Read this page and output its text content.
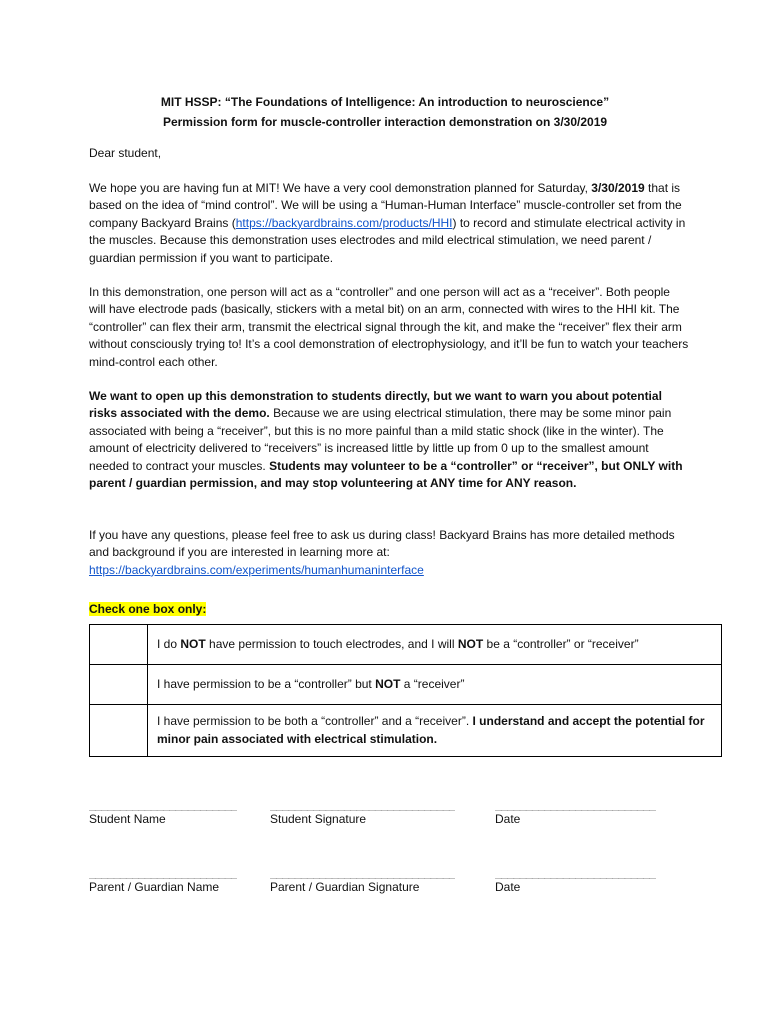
MIT HSSP: “The Foundations of Intelligence: An introduction to neuroscience”
Permission form for muscle-controller interaction demonstration on 3/30/2019

Dear student,

We hope you are having fun at MIT! We have a very cool demonstration planned for Saturday, 3/30/2019 that is based on the idea of “mind control”. We will be using a “Human-Human Interface” muscle-controller set from the company Backyard Brains (https://backyardbrains.com/products/HHI) to record and stimulate electrical activity in the muscles. Because this demonstration uses electrodes and mild electrical stimulation, we need parent / guardian permission if you want to participate.

In this demonstration, one person will act as a “controller” and one person will act as a “receiver”. Both people will have electrode pads (basically, stickers with a metal bit) on an arm, connected with wires to the HHI kit. The “controller” can flex their arm, transmit the electrical signal through the kit, and make the “receiver” flex their arm without consciously trying to! It’s a cool demonstration of electrophysiology, and it’ll be fun to watch your teachers mind-control each other.

We want to open up this demonstration to students directly, but we want to warn you about potential risks associated with the demo. Because we are using electrical stimulation, there may be some minor pain associated with being a “receiver”, but this is no more painful than a mild static shock (like in the winter). The amount of electricity delivered to “receivers” is increased little by little up from 0 up to the smallest amount needed to contract your muscles. Students may volunteer to be a “controller” or “receiver”, but ONLY with parent / guardian permission, and may stop volunteering at ANY time for ANY reason.

If you have any questions, please feel free to ask us during class! Backyard Brains has more detailed methods and background if you are interested in learning more at:
https://backyardbrains.com/experiments/humanhumaninterface

Check one box only:

	I do NOT have permission to touch electrodes, and I will NOT be a “controller” or “receiver”
	I have permission to be a “controller” but NOT a “receiver”
	I have permission to be both a “controller” and a “receiver”. I understand and accept the potential for minor pain associated with electrical stimulation.
________________________
Student Name
______________________________
Student Signature
__________________________
Date
________________________
Parent / Guardian Name
______________________________
Parent / Guardian Signature
__________________________
Date
